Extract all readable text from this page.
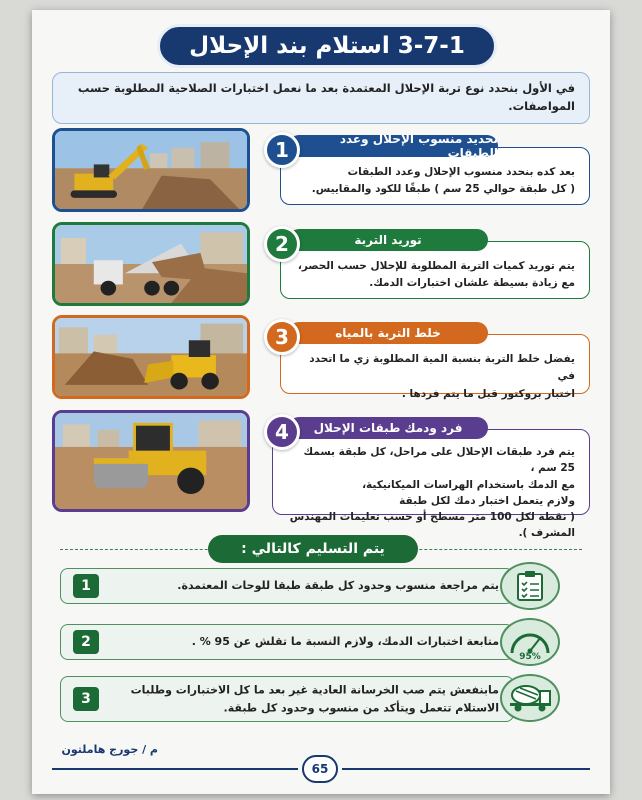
3-7-1 استلام بند الإحلال
في الأول بنحدد نوع تربة الإحلال المعتمدة بعد ما نعمل اختبارات الصلاحية المطلوبة حسب المواصفات.
1	تحديد منسوب الإحلال وعدد الطبقات
بعد كده بنحدد منسوب الإحلال وعدد الطبقات
( كل طبقة حوالي 25 سم ) طبقًا للكود والمقاييس.
2	توريد التربة
يتم توريد كميات التربة المطلوبة للإحلال حسب الحصر،
مع زيادة بسيطة علشان اختبارات الدمك.
3	خلط التربة بالمياه
يفضل خلط التربة بنسبة المية المطلوبة زي ما اتحدد في
اختبار بروكتور قبل ما يتم فردها .
4	فرد ودمك طبقات الإحلال
يتم فرد طبقات الإحلال على مراحل، كل طبقة بسمك 25 سم ،
مع الدمك باستخدام الهراسات الميكانيكية،
ولازم يتعمل اختبار دمك لكل طبقة
( نقطة لكل 100 متر مسطح أو حسب تعليمات المهندس المشرف ).
يتم التسليم كالتالي :
1	يتم مراجعة منسوب وحدود كل طبقة طبقا للوحات المعتمدة.
2	متابعة اختبارات الدمك، ولازم النسبة ما تقلش عن 95 % .
95%
3
مابنفعش يتم صب الخرسانة العادية غير بعد ما كل الاختبارات وطلبات
الاستلام تتعمل ويتأكد من منسوب وحدود كل طبقة.
م / جورج هاملتون
65
